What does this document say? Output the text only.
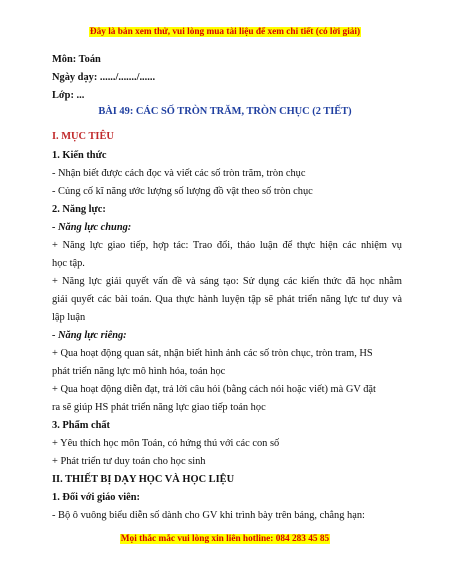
Đây là bản xem thử, vui lòng mua tài liệu để xem chi tiết (có lời giải)
Môn: Toán
Ngày dạy: ....../......./......
Lớp: ...
BÀI 49: CÁC SỐ TRÒN TRĂM, TRÒN CHỤC (2 TIẾT)
I. MỤC TIÊU
1. Kiến thức
- Nhận biết được cách đọc và viết các số tròn trăm, tròn chục
- Củng cố kĩ năng ước lượng số lượng đồ vật theo số tròn chục
2. Năng lực:
- Năng lực chung:
+ Năng lực giao tiếp, hợp tác: Trao đổi, thảo luận để thực hiện các nhiệm vụ
học tập.
+ Năng lực giải quyết vấn đề và sáng tạo: Sử dụng các kiến thức đã học nhằm
giải quyết các bài toán. Qua thực hành luyện tập sẽ phát triển năng lực tư duy và
lập luận
- Năng lực riêng:
+ Qua hoạt động quan sát, nhận biết hình ảnh các số tròn chục, tròn tram, HS
phát triển năng lực mô hình hóa, toán học
+ Qua hoạt động diễn đạt, trả lời câu hỏi (bằng cách nói hoặc viết) mà GV đặt
ra sẽ giúp HS phát triển năng lực giao tiếp toán học
3. Phẩm chất
+ Yêu thích học môn Toán, có hứng thú với các con số
+ Phát triển tư duy toán cho học sinh
II. THIẾT BỊ DẠY HỌC VÀ HỌC LIỆU
1. Đối với giáo viên:
- Bộ ô vuông biểu diễn số dành cho GV khi trình bày trên bảng, chẳng hạn:
Mọi thắc mắc vui lòng xin liên hotline: 084 283 45 85
